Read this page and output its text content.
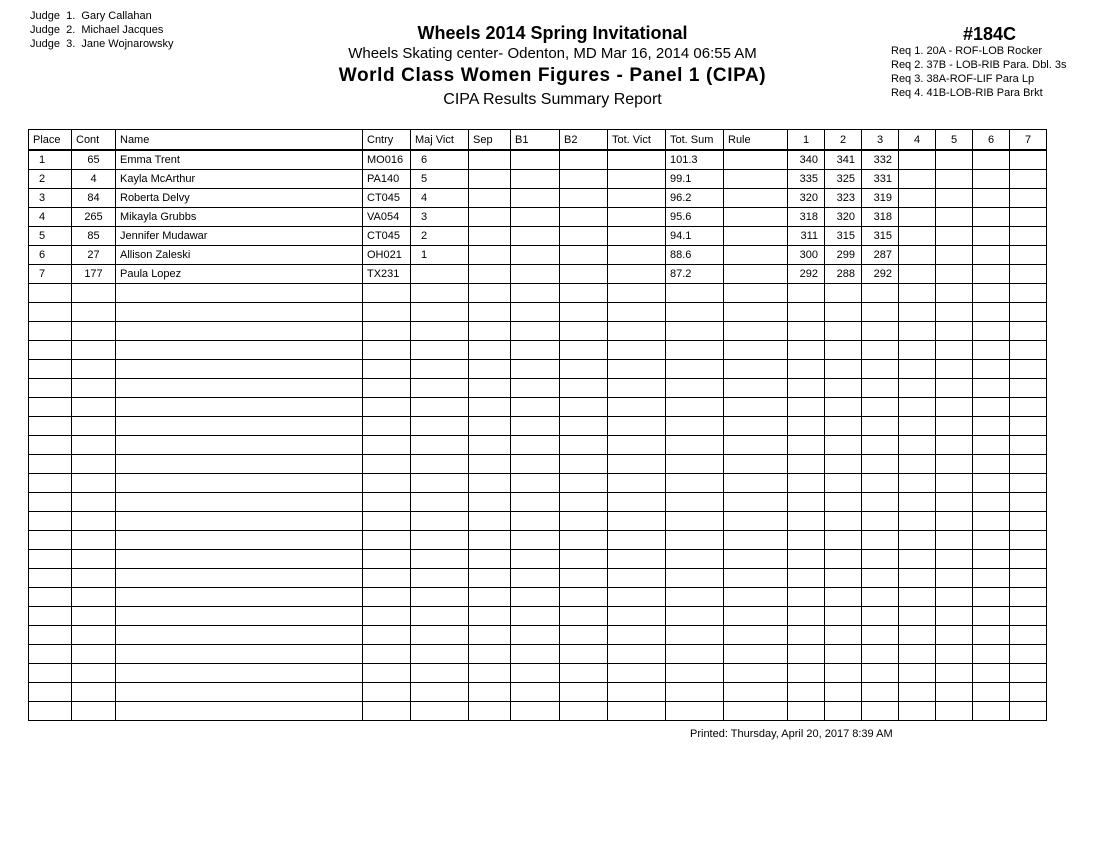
Judge  1. Gary Callahan
Judge  2. Michael Jacques
Judge  3. Jane Wojnarowsky
Wheels 2014 Spring Invitational
Wheels Skating center- Odenton, MD Mar 16, 2014 06:55 AM
World Class Women Figures - Panel 1 (CIPA)
CIPA Results Summary Report
#184C
Req 1. 20A - ROF-LOB Rocker
Req 2. 37B - LOB-RIB Para. Dbl. 3s
Req 3. 38A-ROF-LIF Para Lp
Req 4. 41B-LOB-RIB Para Brkt
Place	Cont	Name	Cntry	Maj Vict	Sep	B1	B2	Tot. Vict	Tot. Sum	Rule	1	2	3	4	5	6	7
1	65	Emma Trent	MO016	6					101.3		340	341	332				
2	4	Kayla McArthur	PA140	5					99.1		335	325	331				
3	84	Roberta Delvy	CT045	4					96.2		320	323	319				
4	265	Mikayla Grubbs	VA054	3					95.6		318	320	318				
5	85	Jennifer Mudawar	CT045	2					94.1		311	315	315				
6	27	Allison Zaleski	OH021	1					88.6		300	299	287				
7	177	Paula Lopez	TX231						87.2		292	288	292				

Printed: Thursday, April 20, 2017 8:39 AM
